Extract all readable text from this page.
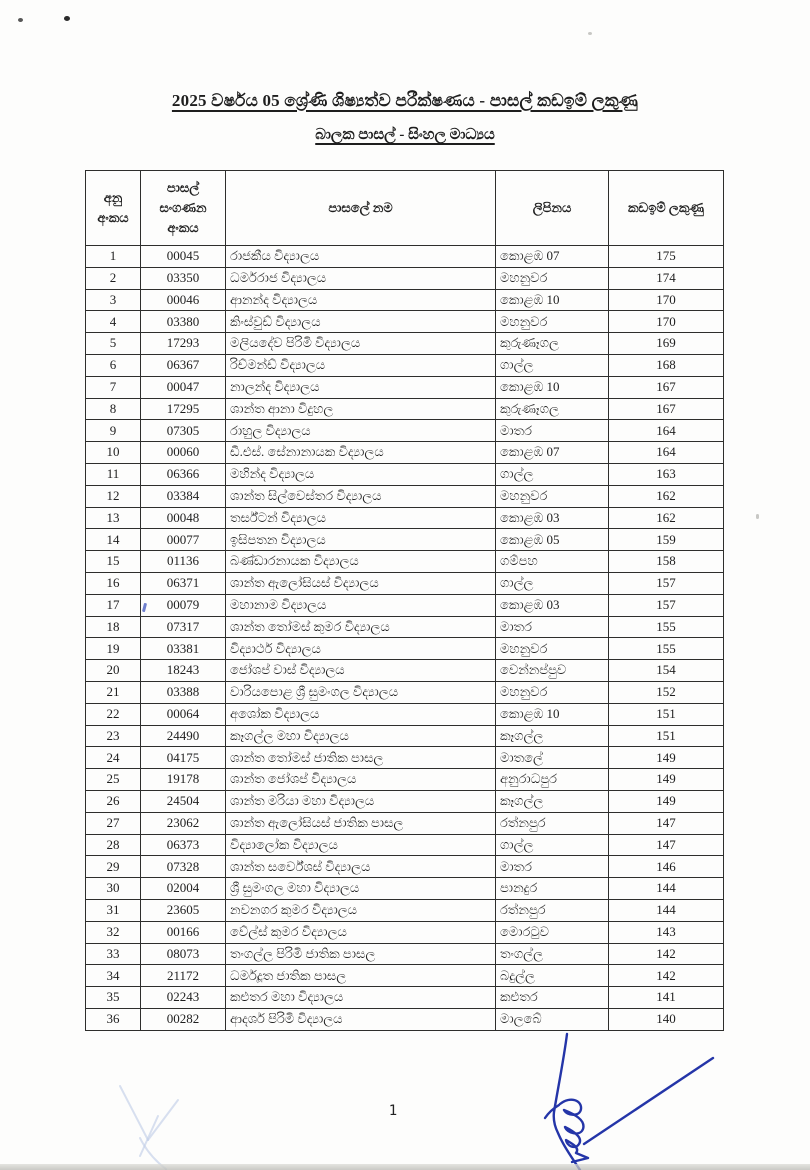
2025 වර්ෂය 05 ශ්‍රේණි ශිෂ්‍යත්ව පරීක්ෂණය - පාසල් කඩඉම් ලකුණු
බාලක පාසල් - සිංහල මාධ්‍යය
අනු අංකය	පාසල් සංගණන අංකය	පාසලේ නම	ලිපිනය	කඩඉම් ලකුණු
1	00045	රාජකීය විද්‍යාලය	කොළඹ 07	175
2	03350	ධර්මරාජ විද්‍යාලය	මහනුවර	174
3	00046	ආනන්ද විද්‍යාලය	කොළඹ 10	170
4	03380	කිංස්වුඩ් විද්‍යාලය	මහනුවර	170
5	17293	මලියදේව පිරිමි විද්‍යාලය	කුරුණෑගල	169
6	06367	රිච්මන්ඩ් විද්‍යාලය	ගාල්ල	168
7	00047	නාලන්ද විද්‍යාලය	කොළඹ 10	167
8	17295	ශාන්ත ආනා විදුහල	කුරුණෑගල	167
9	07305	රාහුල විද්‍යාලය	මාතර	164
10	00060	ඩී.එස්. සේනානායක විද්‍යාලය	කොළඹ 07	164
11	06366	මහින්ද විද්‍යාලය	ගාල්ල	163
12	03384	ශාන්ත සිල්වෙස්තර විද්‍යාලය	මහනුවර	162
13	00048	තර්ස්ටන් විද්‍යාලය	කොළඹ 03	162
14	00077	ඉසිපතන විද්‍යාලය	කොළඹ 05	159
15	01136	බණ්ඩාරනායක විද්‍යාලය	ගම්පහ	158
16	06371	ශාන්ත ඇලෝසියස් විද්‍යාලය	ගාල්ල	157
17	00079	මහානාම විද්‍යාලය	කොළඹ 03	157
18	07317	ශාන්ත තෝමස් කුමර විද්‍යාලය	මාතර	155
19	03381	විද්‍යාර්ථ විද්‍යාලය	මහනුවර	155
20	18243	ජෝශප් වාස් විද්‍යාලය	වෙන්නප්පුව	154
21	03388	වාරියපොළ ශ්‍රී සුමංගල විද්‍යාලය	මහනුවර	152
22	00064	අශෝක විද්‍යාලය	කොළඹ 10	151
23	24490	කෑගල්ල මහා විද්‍යාලය	කෑගල්ල	151
24	04175	ශාන්ත තෝමස් ජාතික පාසල	මාතලේ	149
25	19178	ශාන්ත ජෝශප් විද්‍යාලය	අනුරාධපුර	149
26	24504	ශාන්ත මරියා මහා විද්‍යාලය	කෑගල්ල	149
27	23062	ශාන්ත ඇලෝසියස් ජාතික පාසල	රත්නපුර	147
28	06373	විද්‍යාලෝක විද්‍යාලය	ගාල්ල	147
29	07328	ශාන්ත සර්වේශස් විද්‍යාලය	මාතර	146
30	02004	ශ්‍රී සුමංගල මහා විද්‍යාලය	පානදුර	144
31	23605	නවනගර කුමර විද්‍යාලය	රත්නපුර	144
32	00166	වේල්ස් කුමර විද්‍යාලය	මොරටුව	143
33	08073	තංගල්ල පිරිමි ජාතික පාසල	තංගල්ල	142
34	21172	ධර්මදූත ජාතික පාසල	බදුල්ල	142
35	02243	කළුතර මහා විද්‍යාලය	කළුතර	141
36	00282	ආදර්ශ පිරිමි විද්‍යාලය	මාලබේ	140
1
